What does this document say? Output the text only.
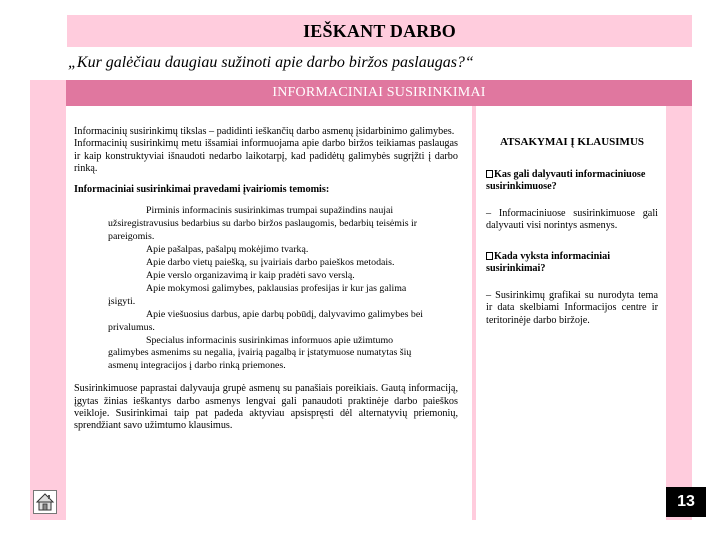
IEŠKANT DARBO
„Kur galėčiau daugiau sužinoti apie darbo biržos paslaugas?“
INFORMACINIAI SUSIRINKIMAI

Informacinių susirinkimų tikslas – padidinti ieškančių darbo asmenų įsidarbinimo galimybes.

Informacinių susirinkimų metu išsamiai informuojama apie darbo biržos teikiamas paslaugas ir kaip konstruktyviai išnaudoti nedarbo laikotarpį, kad padidėtų galimybės sugrįžti į darbo rinką.

Informaciniai susirinkimai pravedami įvairiomis temomis:

Pirminis informacinis susirinkimas trumpai supažindins naujai užsiregistravusius bedarbius su darbo biržos paslaugomis, bedarbių teisėmis ir pareigomis.

Apie pašalpas, pašalpų mokėjimo tvarką.

Apie darbo vietų paiešką, su įvairiais darbo paieškos metodais.

Apie verslo organizavimą ir kaip pradėti savo verslą.

Apie mokymosi galimybes, paklausias profesijas ir kur jas galima įsigyti.

Apie viešuosius darbus, apie darbų pobūdį, dalyvavimo galimybes bei privalumus.

Specialus informacinis susirinkimas informuos apie užimtumo galimybes asmenims su negalia, įvairią pagalbą ir įstatymuose numatytas šių asmenų integracijos į darbo rinką priemones.

Susirinkimuose paprastai dalyvauja grupė asmenų su panašiais poreikiais. Gautą informaciją, įgytas žinias ieškantys darbo asmenys lengvai gali panaudoti praktinėje darbo paieškos veikloje. Susirinkimai taip pat padeda aktyviau apsispręsti dėl alternatyvių priemonių, sprendžiant savo užimtumo klausimus.

ATSAKYMAI Į KLAUSIMUS

Kas gali dalyvauti informaciniuose susirinkimuose?

– Informaciniuose susirinkimuose gali dalyvauti visi norintys asmenys.

Kada vyksta informaciniai susirinkimai?

– Susirinkimų grafikai su nurodyta tema ir data skelbiami Informacijos centre ir teritorinėje darbo biržoje.

13
